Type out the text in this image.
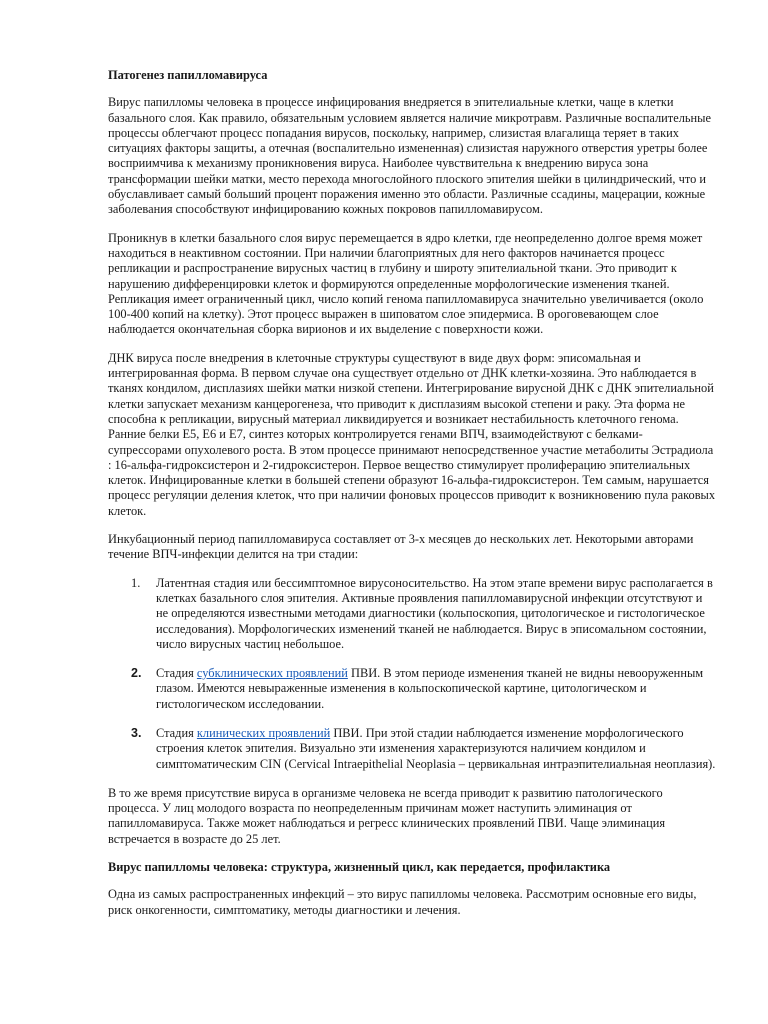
Патогенез папилломавируса

Вирус папилломы человека в процессе инфицирования внедряется в эпителиальные клетки, чаще в клетки базального слоя. Как правило, обязательным условием является наличие микротравм. Различные воспалительные процессы облегчают процесс попадания вирусов, поскольку, например, слизистая влагалища теряет в таких ситуациях факторы защиты, а отечная (воспалительно измененная) слизистая наружного отверстия уретры более восприимчива к механизму проникновения вируса. Наиболее чувствительна к внедрению вируса зона трансформации шейки матки, место перехода многослойного плоского эпителия шейки в цилиндрический, что и обуславливает самый больший процент поражения именно это области. Различные ссадины, мацерации, кожные заболевания способствуют инфицированию кожных покровов папилломавирусом.

Проникнув в клетки базального слоя вирус перемещается в ядро клетки, где неопределенно долгое время может находиться в неактивном состоянии. При наличии благоприятных для него факторов начинается процесс репликации и распространение вирусных частиц в глубину и широту эпителиальной ткани. Это приводит к нарушению дифференцировки клеток и формируются определенные морфологические изменения тканей. Репликация имеет ограниченный цикл, число копий генома папилломавируса значительно увеличивается (около 100-400 копий на клетку). Этот процесс выражен в шиповатом слое эпидермиса. В ороговевающем слое наблюдается окончательная сборка вирионов и их выделение с поверхности кожи.

ДНК вируса после внедрения в клеточные структуры существуют в виде двух форм: эписомальная и интегрированная форма. В первом случае она существует отдельно от ДНК клетки-хозяина. Это наблюдается в тканях кондилом, дисплазиях шейки матки низкой степени. Интегрирование вирусной ДНК с ДНК эпителиальной клетки запускает механизм канцерогенеза, что приводит к дисплазиям высокой степени и раку. Эта форма не способна к репликации, вирусный материал ликвидируется и возникает нестабильность клеточного генома. Ранние белки Е5, Е6 и Е7, синтез которых контролируется генами ВПЧ, взаимодействуют с белками-супрессорами опухолевого роста. В этом процессе принимают непосредственное участие метаболиты Эстрадиола : 16-альфа-гидроксистерон и 2-гидроксистерон. Первое вещество стимулирует пролиферацию эпителиальных клеток. Инфицированные клетки в большей степени образуют 16-альфа-гидроксистерон. Тем самым, нарушается процесс регуляции деления клеток, что при наличии фоновых процессов приводит к возникновению пула раковых клеток.

Инкубационный период папилломавируса составляет от 3-х месяцев до нескольких лет. Некоторыми авторами течение ВПЧ-инфекции делится на три стадии:

1. Латентная стадия или бессимптомное вирусоносительство. На этом этапе времени вирус располагается в клетках базального слоя эпителия. Активные проявления папилломавирусной инфекции отсутствуют и не определяются известными методами диагностики (кольпоскопия, цитологическое и гистологическое исследования). Морфологических изменений тканей не наблюдается. Вирус в эписомальном состоянии, число вирусных частиц небольшое.
2. Стадия субклинических проявлений ПВИ. В этом периоде изменения тканей не видны невооруженным глазом. Имеются невыраженные изменения в кольпоскопической картине, цитологическом и гистологическом исследовании.
3. Стадия клинических проявлений ПВИ. При этой стадии наблюдается изменение морфологического строения клеток эпителия. Визуально эти изменения характеризуются наличием кондилом и симптоматическим CIN (Cervical Intraepithelial Neoplasia – цервикальная интраэпителиальная неоплазия).

В то же время присутствие вируса в организме человека не всегда приводит к развитию патологического процесса. У лиц молодого возраста по неопределенным причинам может наступить элиминация от папилломавируса. Также может наблюдаться и регресс клинических проявлений ПВИ. Чаще элиминация встречается в возрасте до 25 лет.

Вирус папилломы человека: структура, жизненный цикл, как передается, профилактика

Одна из самых распространенных инфекций – это вирус папилломы человека. Рассмотрим основные его виды, риск онкогенности, симптоматику, методы диагностики и лечения.
